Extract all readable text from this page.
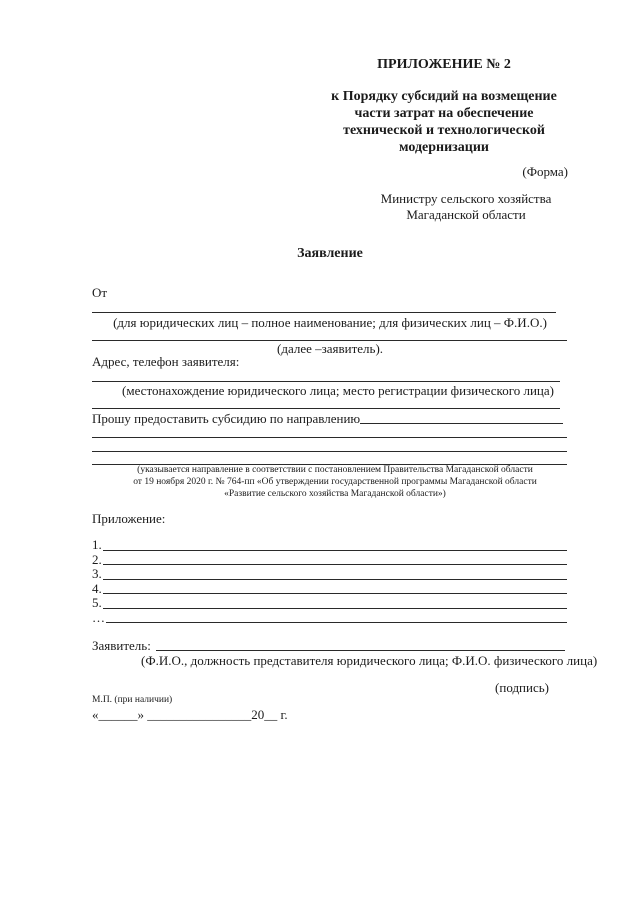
ПРИЛОЖЕНИЕ № 2
к Порядку субсидий на возмещение
части затрат на обеспечение
технической и технологической
модернизации
(Форма)
Министру сельского хозяйства
Магаданской области
Заявление
От
(для юридических лиц – полное наименование; для физических лиц – Ф.И.О.)
(далее –заявитель).
Адрес, телефон заявителя:
(местонахождение юридического лица; место регистрации физического лица)
Прошу предоставить субсидию по направлению
(указывается направление в соответствии с постановлением Правительства Магаданской области
от 19 ноября 2020 г. № 764-пп «Об утверждении государственной программы Магаданской области
«Развитие сельского хозяйства Магаданской области»)
Приложение:
1.
2.
3.
4.
5.
…
Заявитель:
(Ф.И.О., должность представителя юридического лица; Ф.И.О. физического лица)
(подпись)
М.П. (при наличии)
«______» ________________20__ г.
